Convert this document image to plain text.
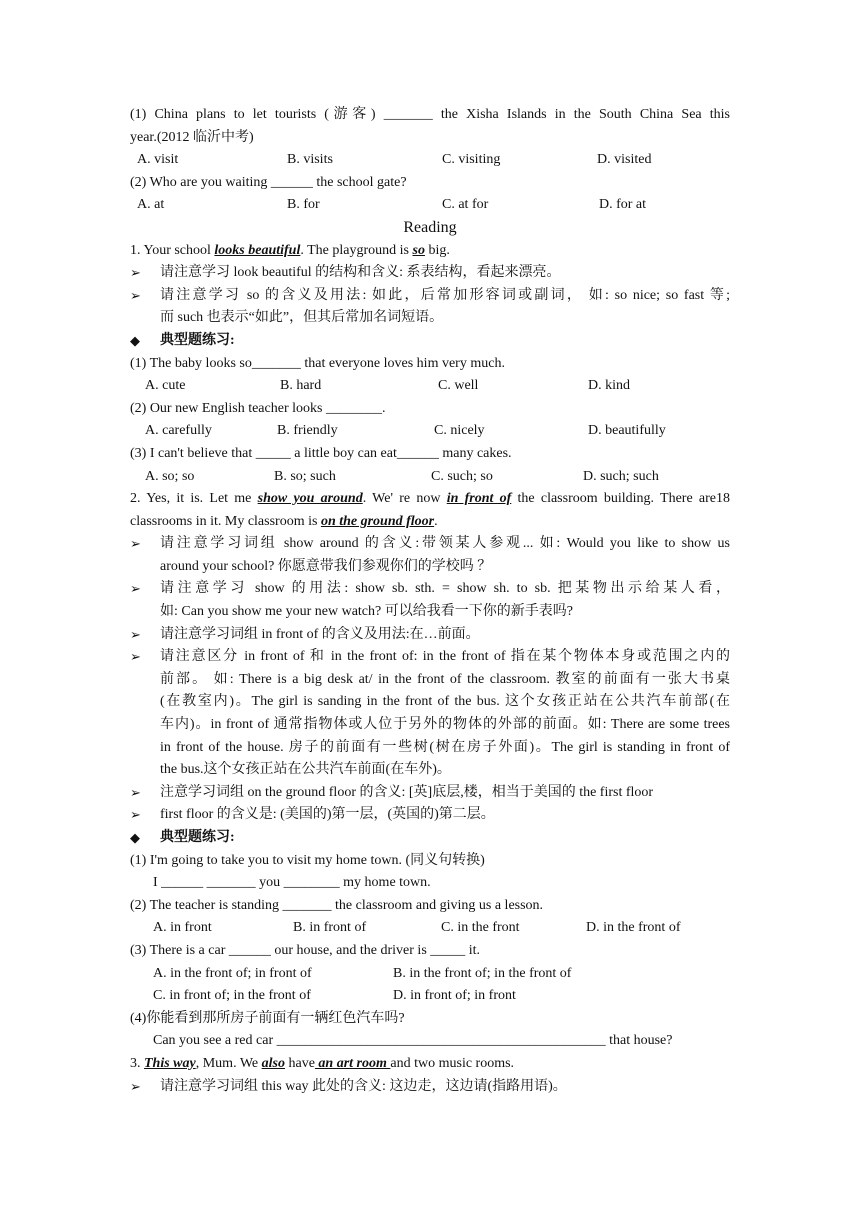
(1) China plans to let tourists (游客) _______ the Xisha Islands in the South China Sea this
year.(2012 临沂中考)
A. visit	B. visits	C. visiting	D. visited
(2) Who are you waiting ______ the school gate?
A. at	B. for	C. at for	D. for at
Reading
1. Your school looks beautiful. The playground is so big.
➢ 请注意学习 look beautiful 的结构和含义: 系表结构，看起来漂亮。
➢ 请注意学习 so 的含义及用法: 如此，后常加形容词或副词， 如: so nice; so fast 等;
而 such 也表示“如此”，但其后常加名词短语。
◆ 典型题练习:
(1) The baby looks so_______ that everyone loves him very much.
A. cute	B. hard	C. well	D. kind
(2) Our new English teacher looks ________.
A. carefully	B. friendly	C. nicely	D. beautifully
(3) I can't believe that _____ a little boy can eat______ many cakes.
A. so; so	B. so; such	C. such; so	D. such; such
2. Yes, it is. Let me show you around. We' re now in front of the classroom building. There are18
classrooms in it. My classroom is on the ground floor.
➢ 请注意学习词组 show around 的含义:带领某人参观... 如: Would you like to show us
around your school? 你愿意带我们参观你们的学校吗 ？
➢ 请注意学习 show 的用法: show sb. sth. = show sh. to sb. 把某物出示给某人看，
如: Can you show me your new watch? 可以给我看一下你的新手表吗?
➢ 请注意学习词组 in front of 的含义及用法:在…前面。
➢ 请注意区分 in front of 和 in the front of: in the front of 指在某个物体本身或范围之内的
前部。 如: There is a big desk at/ in the front of the classroom. 教室的前面有一张大书桌
(在教室内)。The girl is sanding in the front of the bus. 这个女孩正站在公共汽车前部(在
车内)。in front of 通常指物体或人位于另外的物体的外部的前面。如: There are some trees
in front of the house. 房子的前面有一些树(树在房子外面)。The girl is standing in front of
the bus.这个女孩正站在公共汽车前面(在车外)。
➢ 注意学习词组 on the ground floor 的含义: [英]底层,楼，相当于美国的 the first floor
➢ first floor 的含义是: (美国的)第一层，(英国的)第二层。
◆ 典型题练习:
(1) I'm going to take you to visit my home town. (同义句转换)
I ______ _______ you ________ my home town.
(2) The teacher is standing _______ the classroom and giving us a lesson.
A. in front	B. in front of	C. in the front	D. in the front of
(3) There is a car ______ our house, and the driver is _____ it.
A. in the front of; in front of	B. in the front of; in the front of
C. in front of; in the front of	D. in front of; in front
(4)你能看到那所房子前面有一辆红色汽车吗?
Can you see a red car _______________________________________________ that house?
3. This way, Mum. We also have an art room and two music rooms.
➢ 请注意学习词组 this way 此处的含义: 这边走，这边请(指路用语)。
